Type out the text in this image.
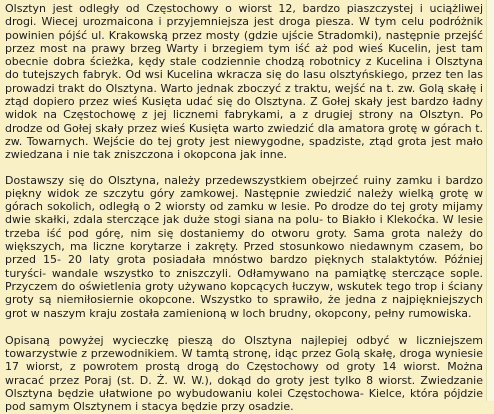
Olsztyn jest odległy od Częstochowy o wiorst 12, bardzo piaszczystej i uciążliwej drogi. Wiecej urozmaicona i przyjemniejsza jest droga piesza. W tym celu podróżnik powinien pójść ul. Krakowską przez mosty (gdzie ujście Stradomki), następnie przejść przez most na prawy brzeg Warty i brzegiem tym iść aż pod wieś Kucelin, jest tam obecnie dobra ścieżka, kędy stale codziennie chodzą robotnicy z Kucelina i Olsztyna do tutejszych fabryk. Od wsi Kucelina wkracza się do lasu olsztyńskiego, przez ten las prowadzi trakt do Olsztyna. Warto jednak zboczyć z traktu, wejść na t. zw. Golą skałę i ztąd dopiero przez wieś Kusięta udać się do Olsztyna. Z Gołej skały jest bardzo ładny widok na Częstochowę z jej licznemi fabrykami, a z drugiej strony na Olsztyn. Po drodze od Gołej skały przez wieś Kusięta warto zwiedzić dla amatora grotę w górach t. zw. Towarnych. Wejście do tej groty jest niewygodne, spadziste, ztąd grota jest mało zwiedzana i nie tak zniszczona i okopcona jak inne.

Dostawszy się do Olsztyna, należy przedewszystkiem obejrzeć ruiny zamku i bardzo piękny widok ze szczytu góry zamkowej. Następnie zwiedzić należy wielką grotę w górach sokolich, odległą o 2 wiorsty od zamku w lesie. Po drodze do tej groty mijamy dwie skałki, zdala sterczące jak duże stogi siana na polu- to Biakło i Klekoćka. W lesie trzeba iść pod górę, nim się dostaniemy do otworu groty. Sama grota należy do większych, ma liczne korytarze i zakręty. Przed stosunkowo niedawnym czasem, bo przed 15- 20 laty grota posiadała mnóstwo bardzo pięknych stalaktytów. Później turyści- wandale wszystko to zniszczyli. Odłamywano na pamiątkę sterczące sople. Przyczem do oświetlenia groty używano kopcących łuczyw, wskutek tego trop i ściany groty są niemiłosiernie okopcone. Wszystko to sprawiło, że jedna z najpiękniejszych grot w naszym kraju została zamienioną w loch brudny, okopcony, pełny rumowiska.

Opisaną powyżej wycieczkę pieszą do Olsztyna najlepiej odbyć w liczniejszem towarzystwie z przewodnikiem. W tamtą stronę, idąc przez Golą skałę, droga wyniesie 17 wiorst, z powrotem prostą drogą do Częstochowy od groty 14 wiorst. Można wracać przez Poraj (st. D. Ż. W. W.), dokąd do groty jest tylko 8 wiorst. Zwiedzanie Olsztyna będzie ułatwione po wybudowaniu kolei Częstochowa- Kielce, która pójdzie pod samym Olsztynem i stacya będzie przy osadzie.
